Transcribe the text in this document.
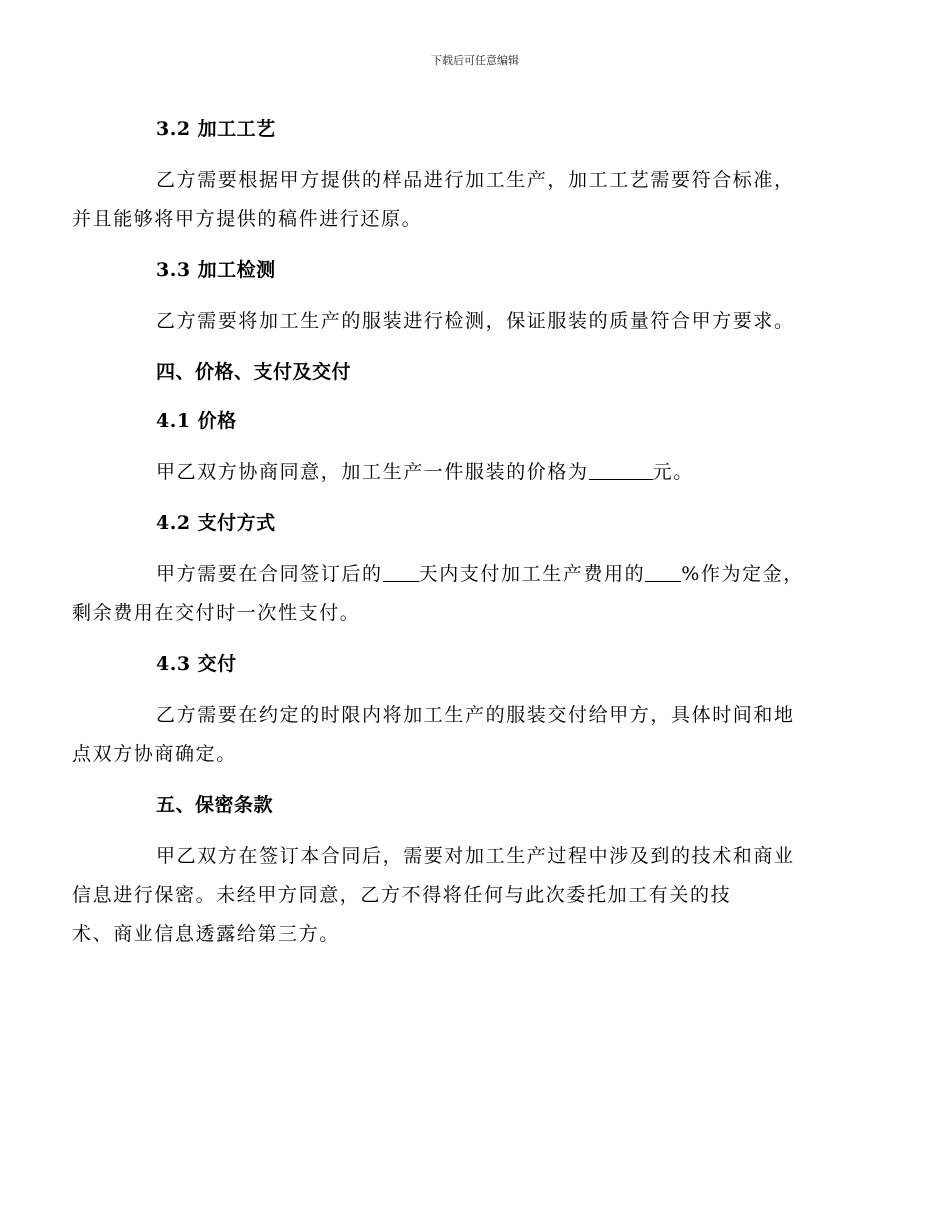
下载后可任意编辑
3.2 加工工艺
乙方需要根据甲方提供的样品进行加工生产，加工工艺需要符合标准，
并且能够将甲方提供的稿件进行还原。
3.3 加工检测
乙方需要将加工生产的服装进行检测，保证服装的质量符合甲方要求。
四、价格、支付及交付
4.1 价格
甲乙双方协商同意，加工生产一件服装的价格为	元。
4.2 支付方式
甲方需要在合同签订后的 天内支付加工生产费用的 %作为定金，
剩余费用在交付时一次性支付。
4.3 交付
乙方需要在约定的时限内将加工生产的服装交付给甲方，具体时间和地
点双方协商确定。
五、保密条款
甲乙双方在签订本合同后，需要对加工生产过程中涉及到的技术和商业
信息进行保密。未经甲方同意，乙方不得将任何与此次委托加工有关的技
术、商业信息透露给第三方。
